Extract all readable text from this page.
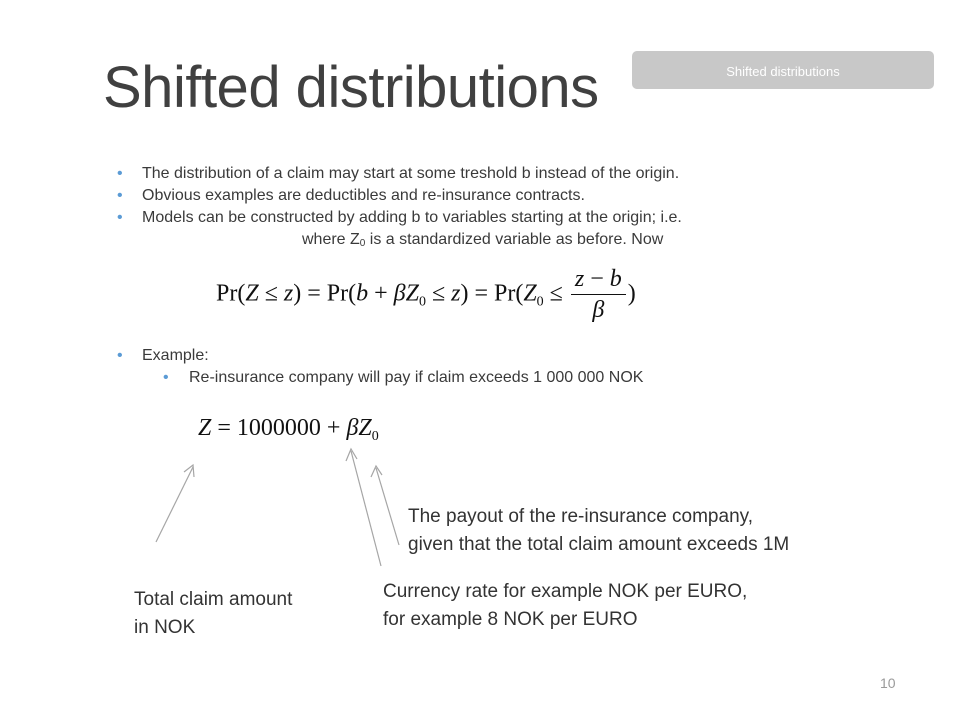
Shifted distributions	Shifted distributions
• The distribution of a claim may start at some treshold b instead of the origin.
• Obvious examples are deductibles and re-insurance contracts.
• Models can be constructed by adding b to variables starting at the origin; i.e.
where $Z_0$ is a standardized variable as before. Now
$Pr(Z \le z) = Pr(b + \beta Z_0 \le z) = Pr(Z_0 \le \frac{z - b}{\beta}$ )
• Example:
• Re-insurance company will pay if claim exceeds 1 000 000 NOK
$Z = 1000000 + \beta Z_0$
The payout of the re-insurance company,
given that the total claim amount exceeds 1M
Currency rate for example NOK per EURO,
for example 8 NOK per EURO
Total claim amount
in NOK
10
